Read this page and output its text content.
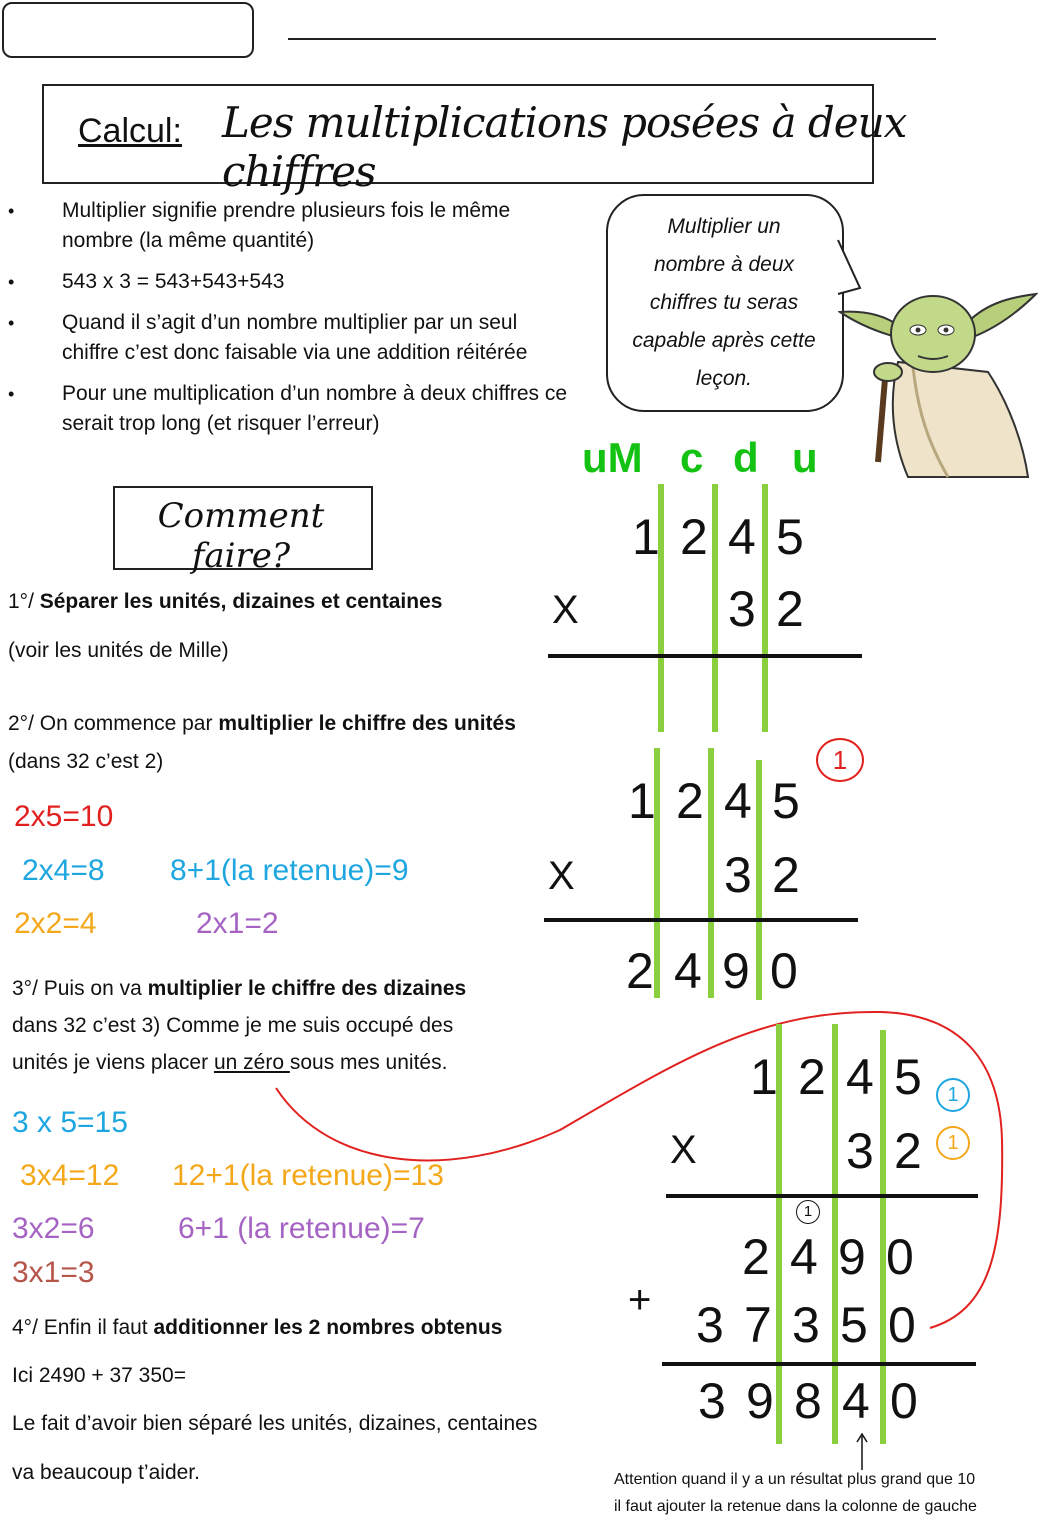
Calcul: Les multiplications posées à deux chiffres
• Multiplier signifie prendre plusieurs fois le même nombre (la même quantité)
• 543 x 3 = 543+543+543
• Quand il s’agit d’un nombre multiplier par un seul chiffre c’est donc faisable via une addition réitérée
• Pour une multiplication d’un nombre à deux chiffres ce serait trop long (et risquer l’erreur)
Multiplier un
nombre à deux
chiffres tu seras
capable après cette
leçon.
Comment faire?
1°/ Séparer les unités, dizaines et centaines
(voir les unités de Mille)
2°/ On commence par multiplier le chiffre des unités
(dans 32 c’est 2)
2x5=10
2x4=8 8+1(la retenue)=9
2x2=4	2x1=2
3°/ Puis on va multiplier le chiffre des dizaines
dans 32 c’est 3) Comme je me suis occupé des
unités je viens placer un zéro sous mes unités.
3 x 5=15
3x4=12 12+1(la retenue)=13
3x2=6	6+1 (la retenue)=7
3x1=3
4°/ Enfin il faut additionner les 2 nombres obtenus
Ici 2490 + 37 350=
Le fait d’avoir bien séparé les unités, dizaines, centaines
va beaucoup t’aider.
uM c d u
1 2 4 5
X	3 2
1
1 2 4 5
X	3 2
2 4 9 0
1 2 4 5	1
1
X	3 2
1
2 4 9 0
+ 3 7 3 5 0
3 9 8 4 0
Attention quand il y a un résultat plus grand que 10
il faut ajouter la retenue dans la colonne de gauche
